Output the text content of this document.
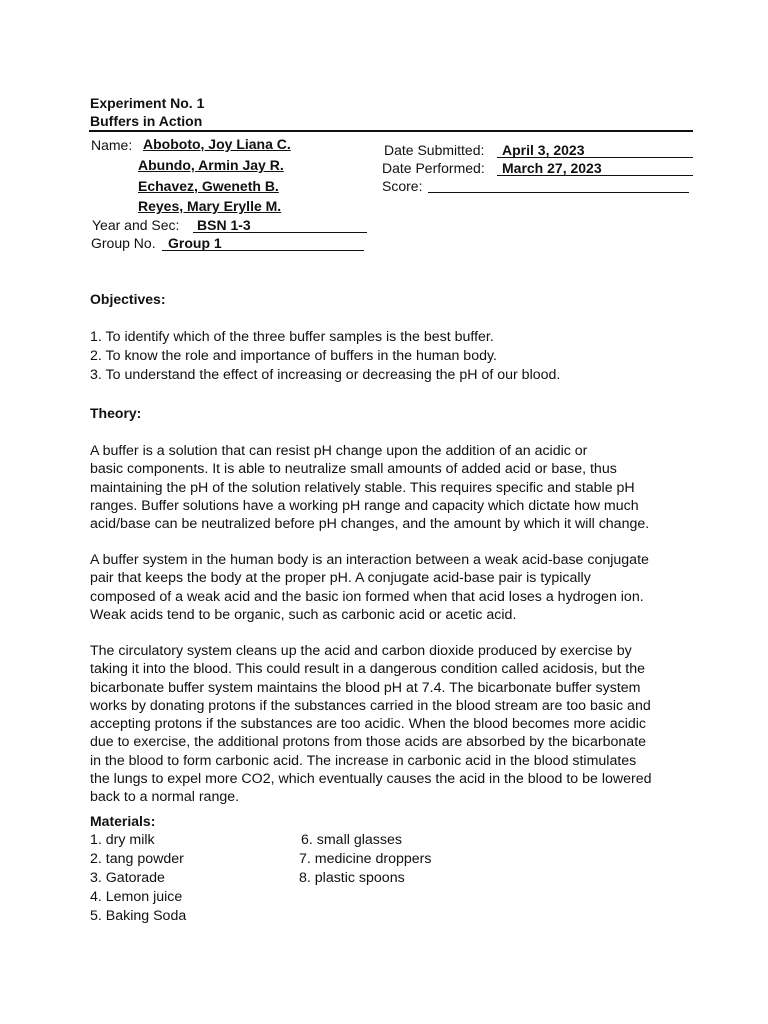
Experiment No. 1
Buffers in Action
Name: Aboboto, Joy Liana C.
Abundo, Armin Jay R.
Echavez, Gweneth B.
Reyes, Mary Erylle M.
Year and Sec: BSN 1-3
Group No. Group 1
Date Submitted: April 3, 2023
Date Performed: March 27, 2023
Score:
Objectives:
1. To identify which of the three buffer samples is the best buffer.
2. To know the role and importance of buffers in the human body.
3. To understand the effect of increasing or decreasing the pH of our blood.
Theory:
A buffer is a solution that can resist pH change upon the addition of an acidic or
basic components. It is able to neutralize small amounts of added acid or base, thus
maintaining the pH of the solution relatively stable. This requires specific and stable pH
ranges. Buffer solutions have a working pH range and capacity which dictate how much
acid/base can be neutralized before pH changes, and the amount by which it will change.
A buffer system in the human body is an interaction between a weak acid-base conjugate
pair that keeps the body at the proper pH. A conjugate acid-base pair is typically
composed of a weak acid and the basic ion formed when that acid loses a hydrogen ion.
Weak acids tend to be organic, such as carbonic acid or acetic acid.
The circulatory system cleans up the acid and carbon dioxide produced by exercise by
taking it into the blood. This could result in a dangerous condition called acidosis, but the
bicarbonate buffer system maintains the blood pH at 7.4. The bicarbonate buffer system
works by donating protons if the substances carried in the blood stream are too basic and
accepting protons if the substances are too acidic. When the blood becomes more acidic
due to exercise, the additional protons from those acids are absorbed by the bicarbonate
in the blood to form carbonic acid. The increase in carbonic acid in the blood stimulates
the lungs to expel more CO2, which eventually causes the acid in the blood to be lowered
back to a normal range.
Materials:
1. dry milk
2. tang powder
3. Gatorade
4. Lemon juice
5. Baking Soda
6. small glasses
7. medicine droppers
8. plastic spoons
